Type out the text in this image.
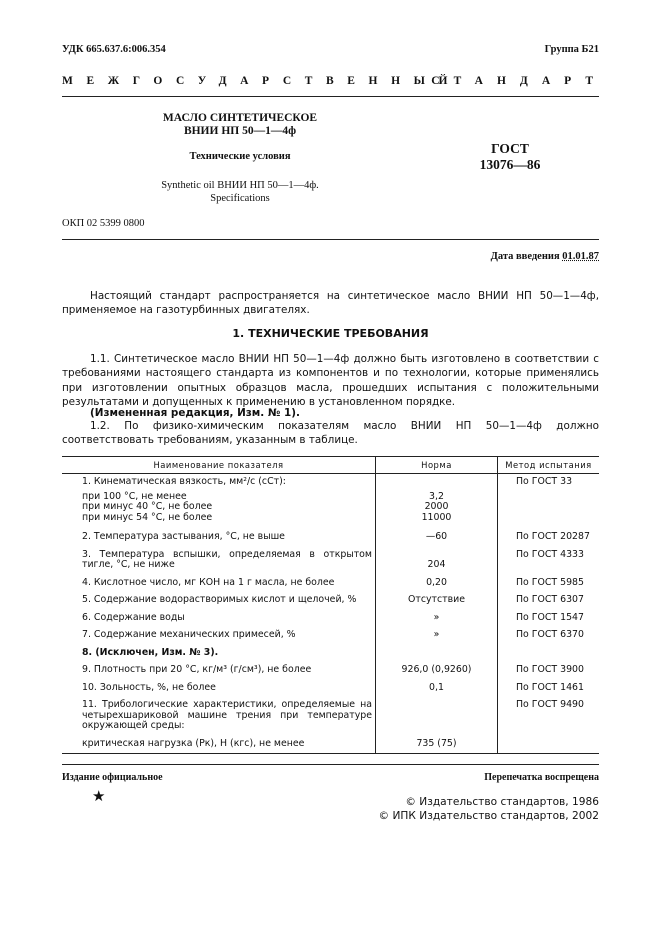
УДК 665.637.6:006.354	Группа Б21
МЕЖГОСУДАРСТВЕННЫЙ
СТАНДАРТ
МАСЛО СИНТЕТИЧЕСКОЕ
ВНИИ НП 50—1—4ф
Технические условия
Synthetic oil ВНИИ НП 50—1—4ф.
Specifications
ГОСТ
13076—86
ОКП 02 5399 0800
Дата введения 01.01.87
Настоящий стандарт распространяется на синтетическое масло ВНИИ НП 50—1—4ф, применяемое на газотурбинных двигателях.
1. ТЕХНИЧЕСКИЕ ТРЕБОВАНИЯ
1.1. Синтетическое масло ВНИИ НП 50—1—4ф должно быть изготовлено в соответствии с требованиями настоящего стандарта из компонентов и по технологии, которые применялись при изготовлении опытных образцов масла, прошедших испытания с положительными результатами и допущенных к применению в установленном порядке.
(Измененная редакция, Изм. № 1).
1.2. По физико-химическим показателям масло ВНИИ НП 50—1—4ф должно соответствовать требованиям, указанным в таблице.
Наименование показателя	Норма	Метод испытания
1. Кинематическая вязкость, мм²/с (сСт):		По ГОСТ 33
при 100 °С, не менее	3,2	
при минус 40 °С, не более	2000	
при минус 54 °С, не более	11000	
2. Температура застывания, °С, не выше	—60	По ГОСТ 20287
3. Температура вспышки, определяемая в открытом тигле, °С, не ниже	204	По ГОСТ 4333
4. Кислотное число, мг КОН на 1 г масла, не более	0,20	По ГОСТ 5985
5. Содержание водорастворимых кислот и щелочей, %	Отсутствие	По ГОСТ 6307
6. Содержание воды	»	По ГОСТ 1547
7. Содержание механических примесей, %	»	По ГОСТ 6370
8. (Исключен, Изм. № 3).		
9. Плотность при 20 °С, кг/м³ (г/см³), не более	926,0 (0,9260)	По ГОСТ 3900
10. Зольность, %, не более	0,1	По ГОСТ 1461
11. Трибологические характеристики, определяемые на четырехшариковой машине трения при температуре окружающей среды:		По ГОСТ 9490
критическая нагрузка (Pк), Н (кгс), не менее	735 (75)	
Издание официальное	Перепечатка воспрещена
★	© Издательство стандартов, 1986
© ИПК Издательство стандартов, 2002
